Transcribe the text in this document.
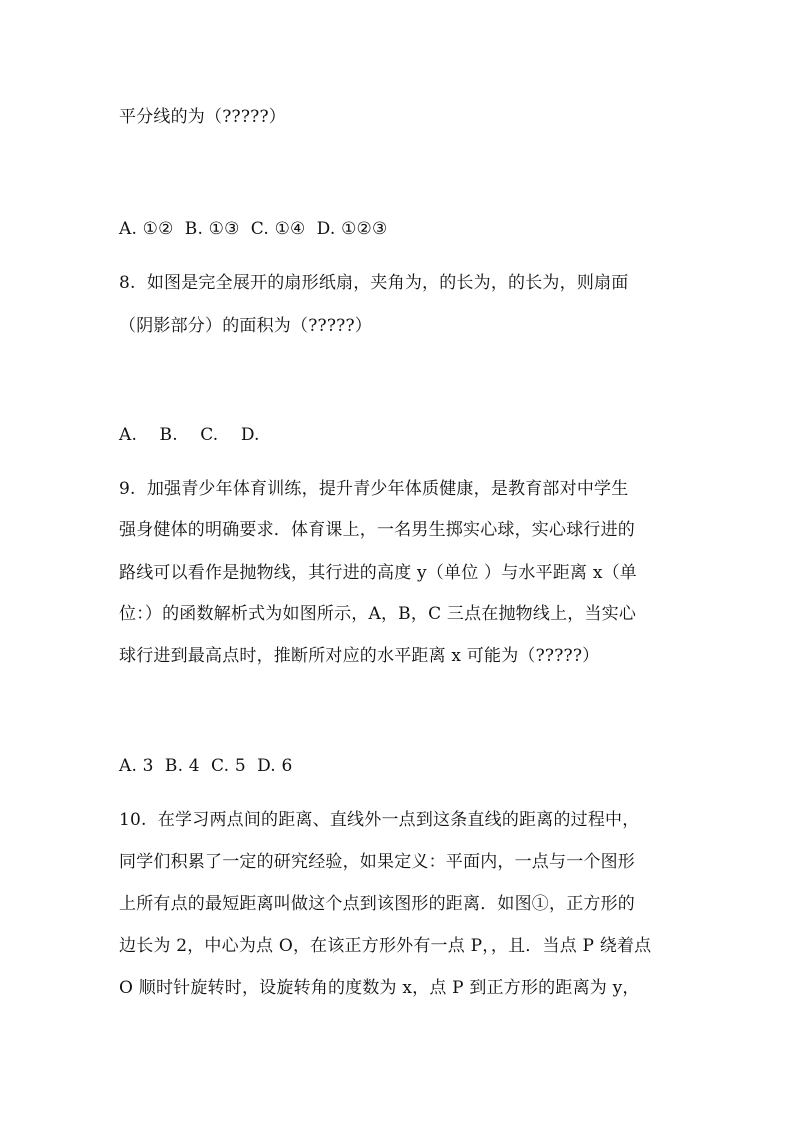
平分线的为（?????）
A. ①②  B. ①③  C. ①④  D. ①②③
8.  如图是完全展开的扇形纸扇，夹角为，的长为，的长为，则扇面
（阴影部分）的面积为（?????）
A.    B.    C.    D.
9.  加强青少年体育训练，提升青少年体质健康，是教育部对中学生
强身健体的明确要求．体育课上，一名男生掷实心球，实心球行进的
路线可以看作是抛物线，其行进的高度 y（单位 ）与水平距离 x（单
位：）的函数解析式为如图所示，A，B，C 三点在抛物线上，当实心
球行进到最高点时，推断所对应的水平距离 x 可能为（?????）
A. 3  B. 4  C. 5  D. 6
10.  在学习两点间的距离、直线外一点到这条直线的距离的过程中，
同学们积累了一定的研究经验，如果定义：平面内，一点与一个图形
上所有点的最短距离叫做这个点到该图形的距离．如图①，正方形的
边长为 2，中心为点 O，在该正方形外有一点 P，，且．当点 P 绕着点
O 顺时针旋转时，设旋转角的度数为 x，点 P 到正方形的距离为 y，
